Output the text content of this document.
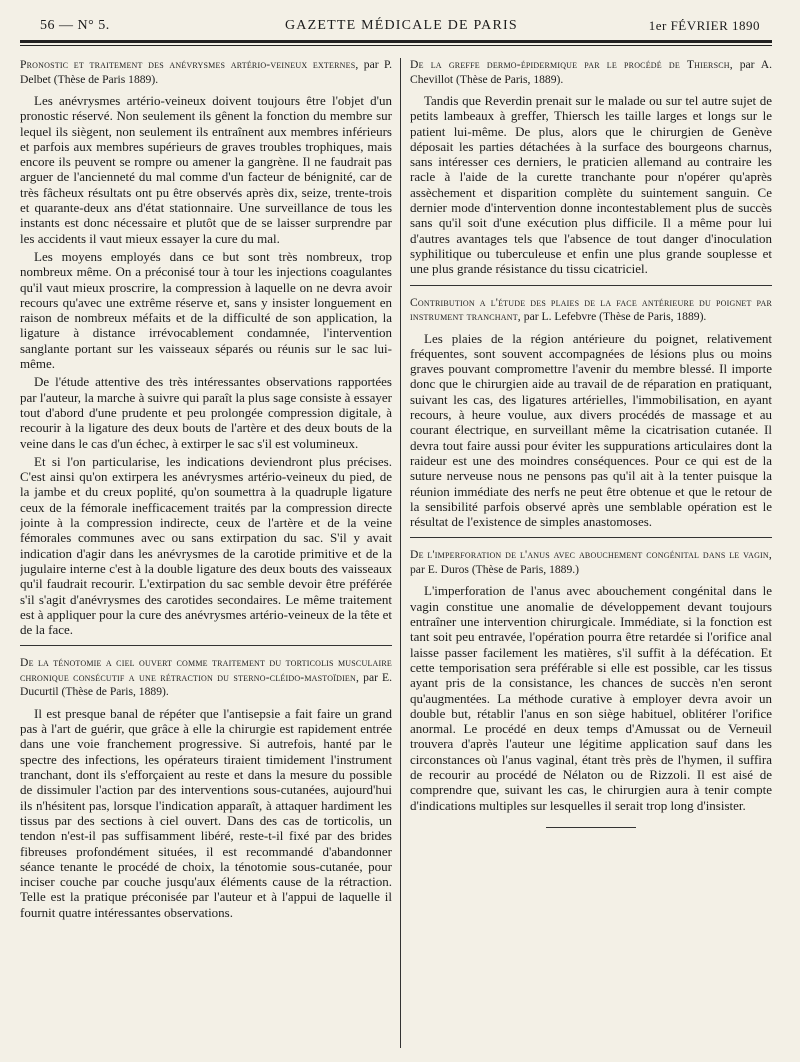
56 — N° 5.	GAZETTE MÉDICALE DE PARIS	1er FÉVRIER 1890
Pronostic et traitement des anévrysmes artério-veineux externes, par P. Delbet (Thèse de Paris 1889).

Les anévrysmes artério-veineux doivent toujours être l'objet d'un pronostic réservé. Non seulement ils gênent la fonction du membre sur lequel ils siègent, non seulement ils entraînent aux membres inférieurs et parfois aux membres supérieurs de graves troubles trophiques, mais encore ils peuvent se rompre ou amener la gangrène. Il ne faudrait pas arguer de l'ancienneté du mal comme d'un facteur de bénignité, car de très fâcheux résultats ont pu être observés après dix, seize, trente-trois et quarante-deux ans d'état stationnaire. Une surveillance de tous les instants est donc nécessaire et plutôt que de se laisser surprendre par les accidents il vaut mieux essayer la cure du mal.

Les moyens employés dans ce but sont très nombreux, trop nombreux même. On a préconisé tour à tour les injections coagulantes qu'il vaut mieux proscrire, la compression à laquelle on ne devra avoir recours qu'avec une extrême réserve et, sans y insister longuement en raison de nombreux méfaits et de la difficulté de son application, la ligature à distance irrévocablement condamnée, l'intervention sanglante portant sur les vaisseaux séparés ou réunis sur le sac lui-même.

De l'étude attentive des très intéressantes observations rapportées par l'auteur, la marche à suivre qui paraît la plus sage consiste à essayer tout d'abord d'une prudente et peu prolongée compression digitale, à recourir à la ligature des deux bouts de l'artère et des deux bouts de la veine dans le cas d'un échec, à extirper le sac s'il est volumineux.

Et si l'on particularise, les indications deviendront plus précises. C'est ainsi qu'on extirpera les anévrysmes artério-veineux du pied, de la jambe et du creux poplité, qu'on soumettra à la quadruple ligature ceux de la fémorale inefficacement traités par la compression directe jointe à la compression indirecte, ceux de l'artère et de la veine fémorales communes avec ou sans extirpation du sac. S'il y avait indication d'agir dans les anévrysmes de la carotide primitive et de la jugulaire interne c'est à la double ligature des deux bouts des vaisseaux qu'il faudrait recourir. L'extirpation du sac semble devoir être préférée s'il s'agit d'anévrysmes des carotides secondaires. Le même traitement est à appliquer pour la cure des anévrysmes artério-veineux de la tête et de la face.

De la ténotomie a ciel ouvert comme traitement du torticolis musculaire chronique consécutif a une rétraction du sterno-cléido-mastoïdien, par E. Ducurtil (Thèse de Paris, 1889).

Il est presque banal de répéter que l'antisepsie a fait faire un grand pas à l'art de guérir, que grâce à elle la chirurgie est rapidement entrée dans une voie franchement progressive. Si autrefois, hanté par le spectre des infections, les opérateurs tiraient timidement l'instrument tranchant, dont ils s'efforçaient au reste et dans la mesure du possible de dissimuler l'action par des interventions sous-cutanées, aujourd'hui ils n'hésitent pas, lorsque l'indication apparaît, à attaquer hardiment les tissus par des sections à ciel ouvert. Dans des cas de torticolis, un tendon n'est-il pas suffisamment libéré, reste-t-il fixé par des brides fibreuses profondément situées, il est recommandé d'abandonner séance tenante le procédé de choix, la ténotomie sous-cutanée, pour inciser couche par couche jusqu'aux éléments cause de la rétraction. Telle est la pratique préconisée par l'auteur et à l'appui de laquelle il fournit quatre intéressantes observations.

De la greffe dermo-épidermique par le procédé de Thiersch, par A. Chevillot (Thèse de Paris, 1889).

Tandis que Reverdin prenait sur le malade ou sur tel autre sujet de petits lambeaux à greffer, Thiersch les taille larges et longs sur le patient lui-même. De plus, alors que le chirurgien de Genève déposait les parties détachées à la surface des bourgeons charnus, sans intéresser ces derniers, le praticien allemand au contraire les racle à l'aide de la curette tranchante pour n'opérer qu'après assèchement et disparition complète du suintement sanguin. Ce dernier mode d'intervention donne incontestablement plus de succès sans qu'il soit d'une exécution plus difficile. Il a même pour lui d'autres avantages tels que l'absence de tout danger d'inoculation syphilitique ou tuberculeuse et enfin une plus grande souplesse et une plus grande résistance du tissu cicatriciel.

Contribution a l'étude des plaies de la face antérieure du poignet par instrument tranchant, par L. Lefebvre (Thèse de Paris, 1889).

Les plaies de la région antérieure du poignet, relativement fréquentes, sont souvent accompagnées de lésions plus ou moins graves pouvant compromettre l'avenir du membre blessé. Il importe donc que le chirurgien aide au travail de de réparation en pratiquant, suivant les cas, des ligatures artérielles, l'immobilisation, en ayant recours, à heure voulue, aux divers procédés de massage et au courant électrique, en surveillant même la cicatrisation cutanée. Il devra tout faire aussi pour éviter les suppurations articulaires dont la raideur est une des moindres conséquences. Pour ce qui est de la suture nerveuse nous ne pensons pas qu'il ait à la tenter puisque la réunion immédiate des nerfs ne peut être obtenue et que le retour de la sensibilité parfois observé après une semblable opération est le résultat de l'existence de simples anastomoses.

De l'imperforation de l'anus avec abouchement congénital dans le vagin, par E. Duros (Thèse de Paris, 1889.)

L'imperforation de l'anus avec abouchement congénital dans le vagin constitue une anomalie de développement devant toujours entraîner une intervention chirurgicale. Immédiate, si la fonction est tant soit peu entravée, l'opération pourra être retardée si l'orifice anal laisse passer facilement les matières, s'il suffit à la défécation. Et cette temporisation sera préférable si elle est possible, car les tissus ayant pris de la consistance, les chances de succès n'en seront qu'augmentées. La méthode curative à employer devra avoir un double but, rétablir l'anus en son siège habituel, oblitérer l'orifice anormal. Le procédé en deux temps d'Amussat ou de Verneuil trouvera d'après l'auteur une légitime application sauf dans les circonstances où l'anus vaginal, étant très près de l'hymen, il suffira de recourir au procédé de Nélaton ou de Rizzoli. Il est aisé de comprendre que, suivant les cas, le chirurgien aura à tenir compte d'indications multiples sur lesquelles il serait trop long d'insister.
